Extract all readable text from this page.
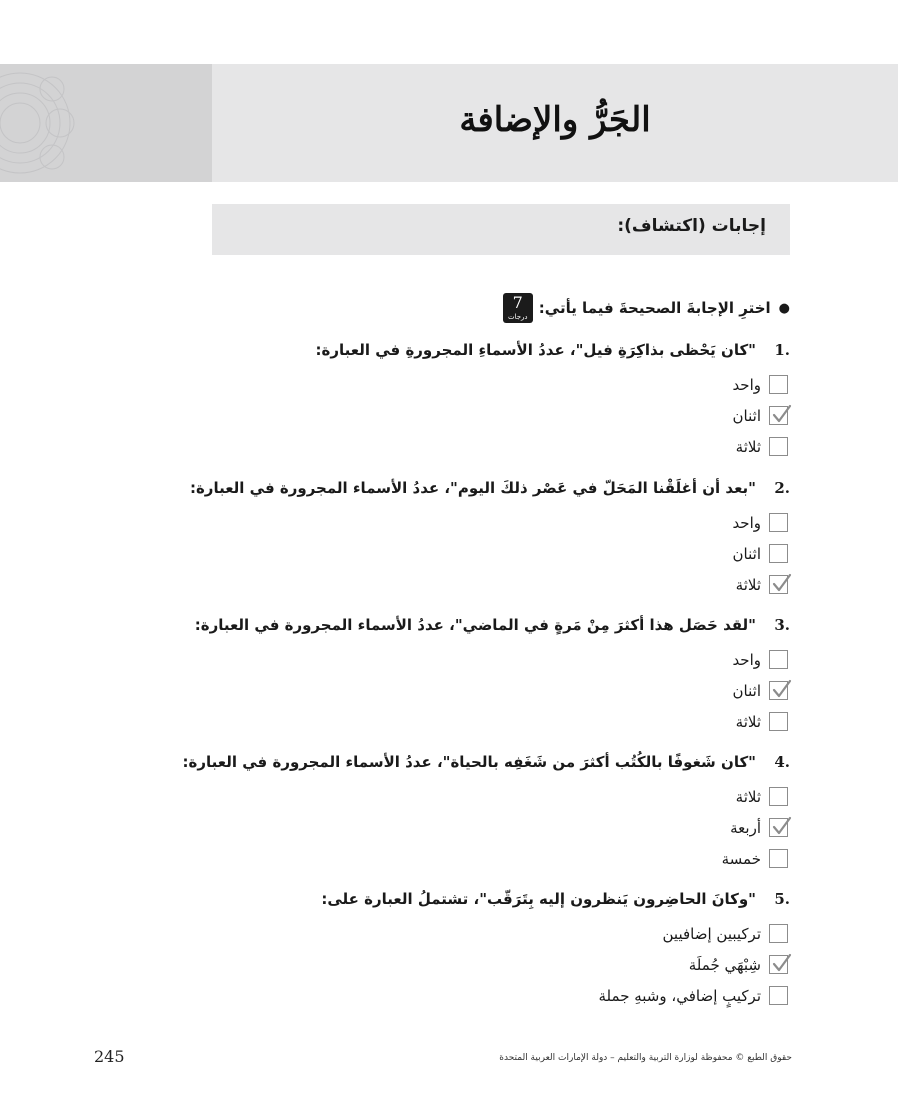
الجَرُّ والإضافة
إجابات (اكتشاف):
●
اخترِ الإجابةَ الصحيحةَ فيما يأتي:
7
درجات
.1
"كان يَحْظى بذاكِرَةِ فيل"، عددُ الأسماءِ المجرورةِ في العبارة:
واحد
اثنان
ثلاثة
.2
"بعد أن أغلَقْنا المَحَلّ في عَصْر ذلكَ اليوم"، عددُ الأسماء المجرورة في العبارة:
واحد
اثنان
ثلاثة
.3
"لقد حَصَل هذا أكثرَ مِنْ مَرةٍ في الماضي"، عددُ الأسماء المجرورة في العبارة:
واحد
اثنان
ثلاثة
.4
"كان شَغوفًا بالكُتُب أكثرَ من شَغَفِه بالحياة"، عددُ الأسماء المجرورة في العبارة:
ثلاثة
أربعة
خمسة
.5
"وكانَ الحاضِرون يَنظرون إليه بِتَرَقّب"، تشتملُ العبارة على:
تركيبين إضافيين
شِبْهَي جُملَة
تركيبٍ إضافي، وشبهِ جملة
حقوق الطبع © محفوظة لوزارة التربية والتعليم – دولة الإمارات العربية المتحدة
245
